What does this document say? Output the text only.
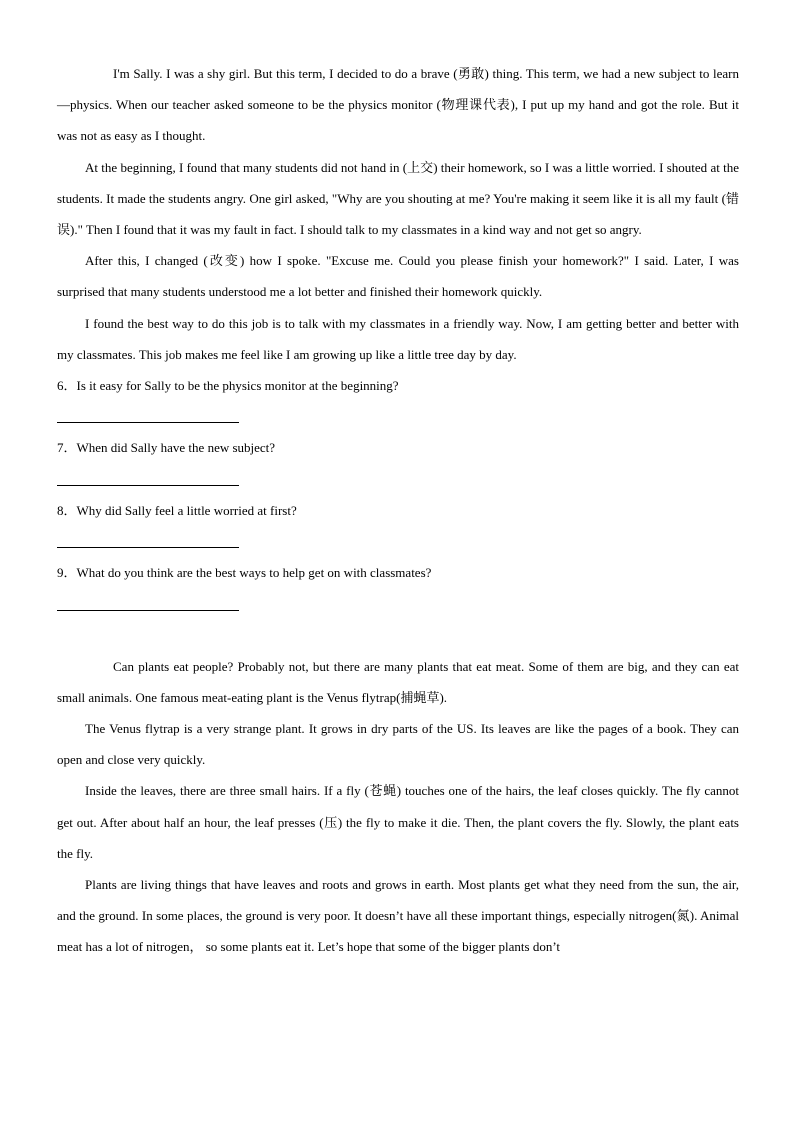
I'm Sally. I was a shy girl. But this term, I decided to do a brave (勇敢) thing. This term, we had a new subject to learn—physics. When our teacher asked someone to be the physics monitor (物理课代表), I put up my hand and got the role. But it was not as easy as I thought.

At the beginning, I found that many students did not hand in (上交) their homework, so I was a little worried. I shouted at the students. It made the students angry. One girl asked, "Why are you shouting at me? You're making it seem like it is all my fault (错误)." Then I found that it was my fault in fact. I should talk to my classmates in a kind way and not get so angry.

After this, I changed (改变) how I spoke. "Excuse me. Could you please finish your homework?" I said. Later, I was surprised that many students understood me a lot better and finished their homework quickly.

I found the best way to do this job is to talk with my classmates in a friendly way. Now, I am getting better and better with my classmates. This job makes me feel like I am growing up like a little tree day by day.

6．Is it easy for Sally to be the physics monitor at the beginning?

7．When did Sally have the new subject?

8．Why did Sally feel a little worried at first?

9．What do you think are the best ways to help get on with classmates?

Can plants eat people? Probably not, but there are many plants that eat meat. Some of them are big, and they can eat small animals. One famous meat-eating plant is the Venus flytrap(捕蝇草).

The Venus flytrap is a very strange plant. It grows in dry parts of the US. Its leaves are like the pages of a book. They can open and close very quickly.

Inside the leaves, there are three small hairs. If a fly (苍蝇) touches one of the hairs, the leaf closes quickly. The fly cannot get out. After about half an hour, the leaf presses (压) the fly to make it die. Then, the plant covers the fly. Slowly, the plant eats the fly.

Plants are living things that have leaves and roots and grows in earth. Most plants get what they need from the sun, the air, and the ground. In some places, the ground is very poor. It doesn’t have all these important things, especially nitrogen(氮). Animal meat has a lot of nitrogen， so some plants eat it. Let’s hope that some of the bigger plants don’t
